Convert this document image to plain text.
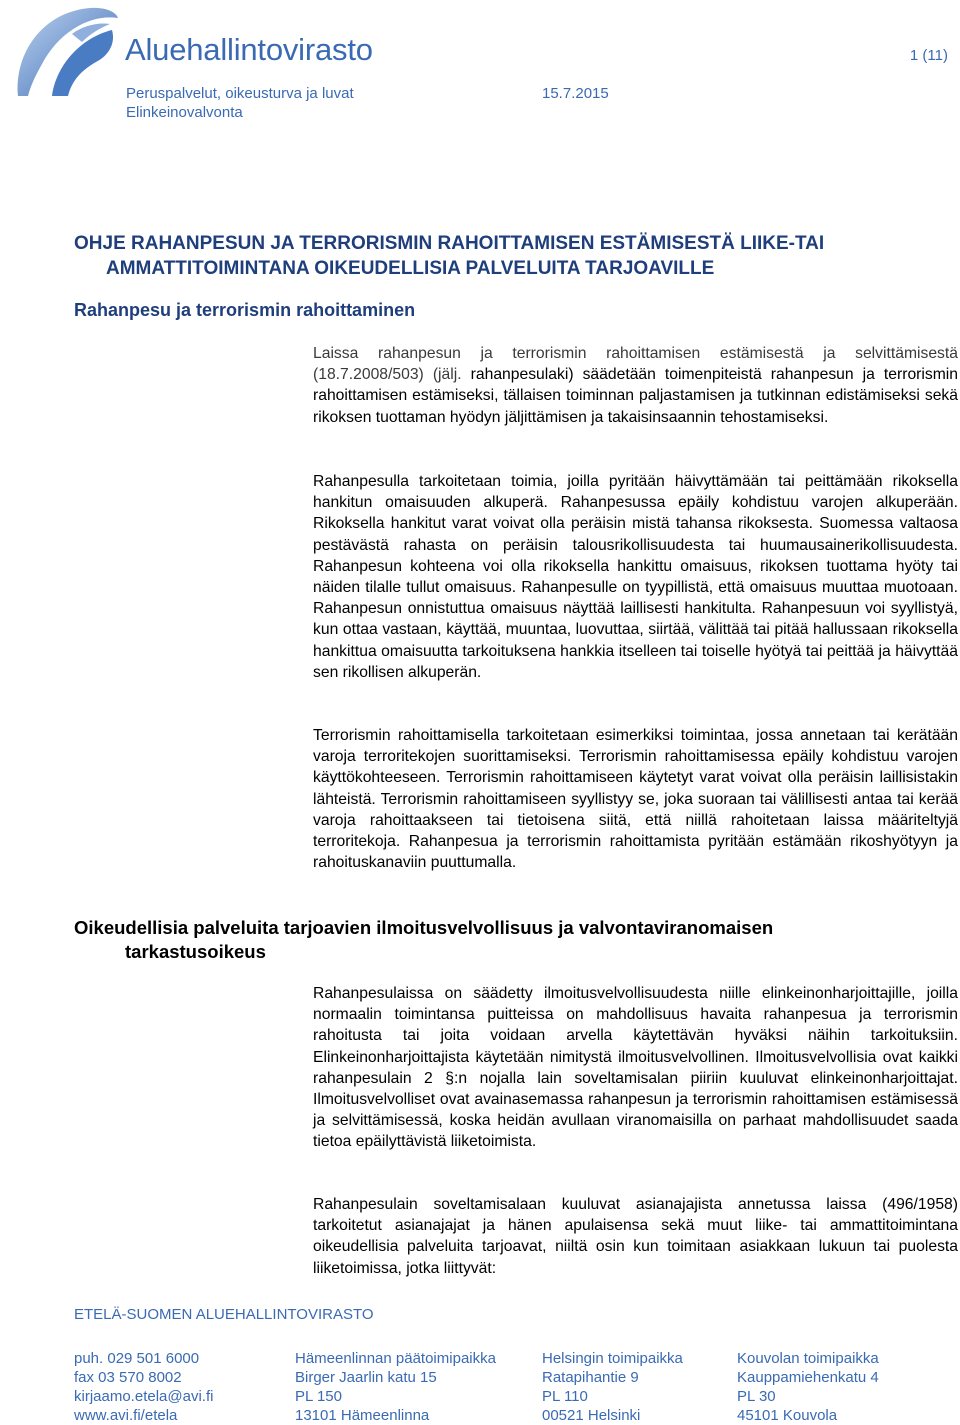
Aluehallintovirasto
Peruspalvelut, oikeusturva ja luvat
Elinkeinovalvonta
15.7.2015
1 (11)
OHJE RAHANPESUN JA TERRORISMIN RAHOITTAMISEN ESTÄMISESTÄ LIIKE-TAI
AMMATTITOIMINTANA OIKEUDELLISIA PALVELUITA TARJOAVILLE
Rahanpesu ja terrorismin rahoittaminen

Laissa rahanpesun ja terrorismin rahoittamisen estämisestä ja selvittämisestä (18.7.2008/503) (jälj. rahanpesulaki) säädetään toimenpiteistä rahanpesun ja terrorismin rahoittamisen estämiseksi, tällaisen toiminnan paljastamisen ja tutkinnan edistämiseksi sekä rikoksen tuottaman hyödyn jäljittämisen ja takaisinsaannin tehostamiseksi.

Rahanpesulla tarkoitetaan toimia, joilla pyritään häivyttämään tai peittämään rikoksella hankitun omaisuuden alkuperä. Rahanpesussa epäily kohdistuu varojen alkuperään. Rikoksella hankitut varat voivat olla peräisin mistä tahansa rikoksesta. Suomessa valtaosa pestävästä rahasta on peräisin talousrikollisuudesta tai huumausainerikollisuudesta. Rahanpesun kohteena voi olla rikoksella hankittu omaisuus, rikoksen tuottama hyöty tai näiden tilalle tullut omaisuus. Rahanpesulle on tyypillistä, että omaisuus muuttaa muotoaan. Rahanpesun onnistuttua omaisuus näyttää laillisesti hankitulta. Rahanpesuun voi syyllistyä, kun ottaa vastaan, käyttää, muuntaa, luovuttaa, siirtää, välittää tai pitää hallussaan rikoksella hankittua omaisuutta tarkoituksena hankkia itselleen tai toiselle hyötyä tai peittää ja häivyttää sen rikollisen alkuperän.

Terrorismin rahoittamisella tarkoitetaan esimerkiksi toimintaa, jossa annetaan tai kerätään varoja terroritekojen suorittamiseksi. Terrorismin rahoittamisessa epäily kohdistuu varojen käyttökohteeseen. Terrorismin rahoittamiseen käytetyt varat voivat olla peräisin laillisistakin lähteistä. Terrorismin rahoittamiseen syyllistyy se, joka suoraan tai välillisesti antaa tai kerää varoja rahoittaakseen tai tietoisena siitä, että niillä rahoitetaan laissa määriteltyjä terroritekoja. Rahanpesua ja terrorismin rahoittamista pyritään estämään rikoshyötyyn ja rahoituskanaviin puuttumalla.

Oikeudellisia palveluita tarjoavien ilmoitusvelvollisuus ja valvontaviranomaisen
tarkastusoikeus

Rahanpesulaissa on säädetty ilmoitusvelvollisuudesta niille elinkeinonharjoittajille, joilla normaalin toimintansa puitteissa on mahdollisuus havaita rahanpesua ja terrorismin rahoitusta tai joita voidaan arvella käytettävän hyväksi näihin tarkoituksiin. Elinkeinonharjoittajista käytetään nimitystä ilmoitusvelvollinen. Ilmoitusvelvollisia ovat kaikki rahanpesulain 2 §:n nojalla lain soveltamisalan piiriin kuuluvat elinkeinonharjoittajat. Ilmoitusvelvolliset ovat avainasemassa rahanpesun ja terrorismin rahoittamisen estämisessä ja selvittämisessä, koska heidän avullaan viranomaisilla on parhaat mahdollisuudet saada tietoa epäilyttävistä liiketoimista.

Rahanpesulain soveltamisalaan kuuluvat asianajajista annetussa laissa (496/1958) tarkoitetut asianajajat ja hänen apulaisensa sekä muut liike- tai ammattitoimintana oikeudellisia palveluita tarjoavat, niiltä osin kun toimitaan asiakkaan lukuun tai puolesta liiketoimissa, jotka liittyvät:

ETELÄ-SUOMEN ALUEHALLINTOVIRASTO
puh. 029 501 6000
fax 03 570 8002
kirjaamo.etela@avi.fi
www.avi.fi/etela
Hämeenlinnan päätoimipaikka
Birger Jaarlin katu 15
PL 150
13101 Hämeenlinna
Helsingin toimipaikka
Ratapihantie 9
PL 110
00521 Helsinki
Kouvolan toimipaikka
Kauppamiehenkatu 4
PL 30
45101 Kouvola
